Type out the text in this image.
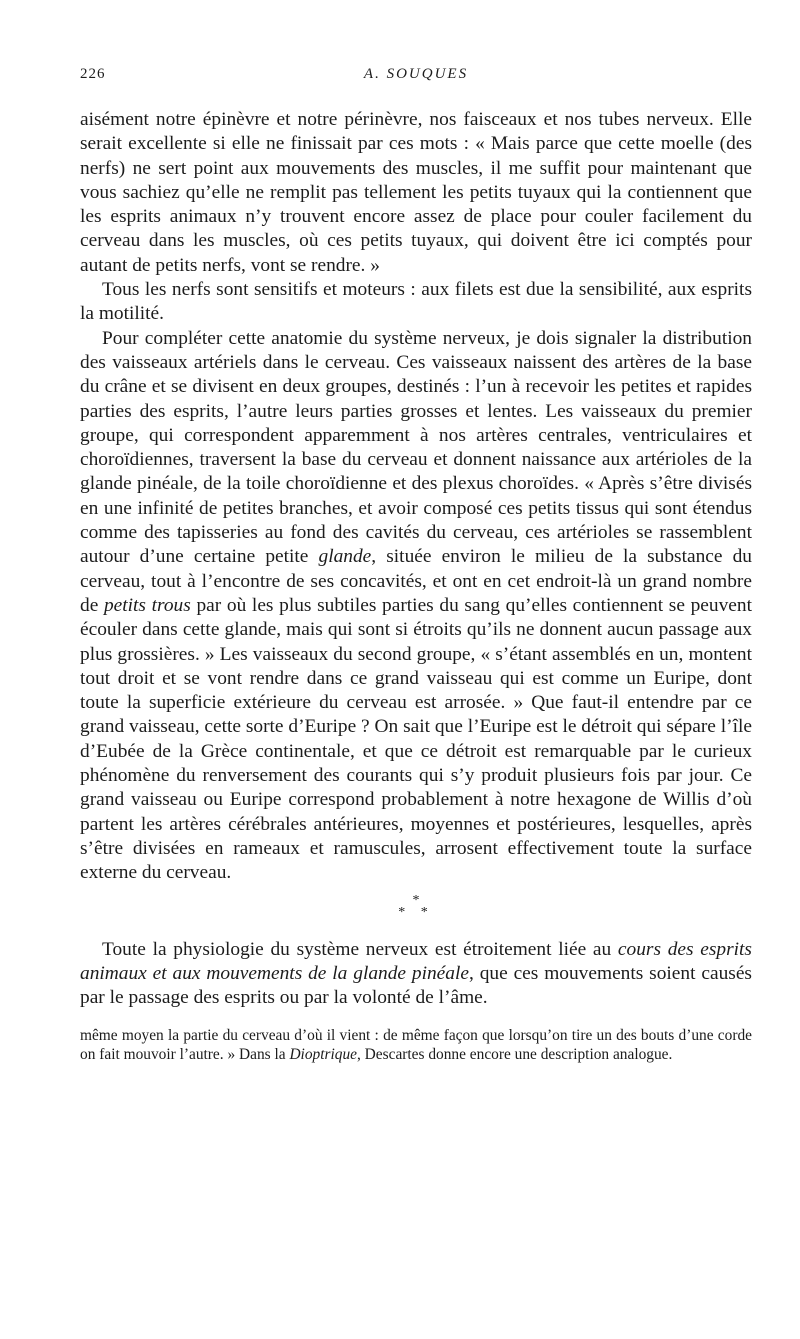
226	A. SOUQUES

aisément notre épinèvre et notre périnèvre, nos faisceaux et nos tubes nerveux. Elle serait excellente si elle ne finissait par ces mots : « Mais parce que cette moelle (des nerfs) ne sert point aux mouvements des muscles, il me suffit pour maintenant que vous sachiez qu’elle ne remplit pas tellement les petits tuyaux qui la contiennent que les esprits animaux n’y trouvent encore assez de place pour couler facilement du cerveau dans les muscles, où ces petits tuyaux, qui doivent être ici comptés pour autant de petits nerfs, vont se rendre. »

Tous les nerfs sont sensitifs et moteurs : aux filets est due la sensibilité, aux esprits la motilité.

Pour compléter cette anatomie du système nerveux, je dois signaler la distribution des vaisseaux artériels dans le cerveau. Ces vaisseaux naissent des artères de la base du crâne et se divisent en deux groupes, destinés : l’un à recevoir les petites et rapides parties des esprits, l’autre leurs parties grosses et lentes. Les vaisseaux du premier groupe, qui correspondent apparemment à nos artères centrales, ventriculaires et choroïdiennes, traversent la base du cerveau et donnent naissance aux artérioles de la glande pinéale, de la toile choroïdienne et des plexus choroïdes. « Après s’être divisés en une infinité de petites branches, et avoir composé ces petits tissus qui sont étendus comme des tapisseries au fond des cavités du cerveau, ces artérioles se rassemblent autour d’une certaine petite glande, située environ le milieu de la substance du cerveau, tout à l’encontre de ses concavités, et ont en cet endroit-là un grand nombre de petits trous par où les plus subtiles parties du sang qu’elles contiennent se peuvent écouler dans cette glande, mais qui sont si étroits qu’ils ne donnent aucun passage aux plus grossières. » Les vaisseaux du second groupe, « s’étant assemblés en un, montent tout droit et se vont rendre dans ce grand vaisseau qui est comme un Euripe, dont toute la superficie extérieure du cerveau est arrosée. » Que faut-il entendre par ce grand vaisseau, cette sorte d’Euripe ? On sait que l’Euripe est le détroit qui sépare l’île d’Eubée de la Grèce continentale, et que ce détroit est remarquable par le curieux phénomène du renversement des courants qui s’y produit plusieurs fois par jour. Ce grand vaisseau ou Euripe correspond probablement à notre hexagone de Willis d’où partent les artères cérébrales antérieures, moyennes et postérieures, lesquelles, après s’être divisées en rameaux et ramuscules, arrosent effectivement toute la surface externe du cerveau.

*
* *

Toute la physiologie du système nerveux est étroitement liée au cours des esprits animaux et aux mouvements de la glande pinéale, que ces mouvements soient causés par le passage des esprits ou par la volonté de l’âme.

même moyen la partie du cerveau d’où il vient : de même façon que lorsqu’on tire un des bouts d’une corde on fait mouvoir l’autre. » Dans la Dioptrique, Descartes donne encore une description analogue.
